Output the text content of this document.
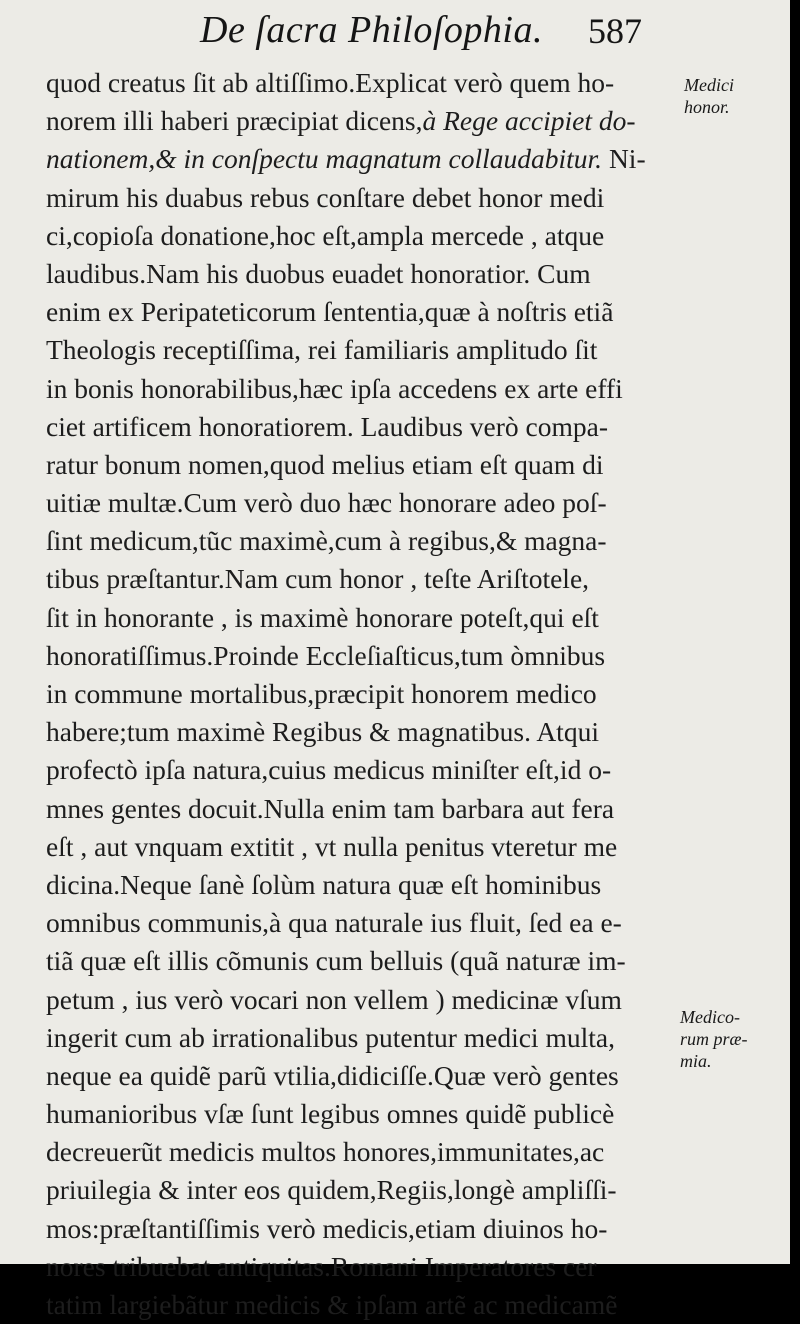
De ſacra Philoſophia. 587
quod creatus ſit ab altiſſimo.Explicat verò quem ho-
norem illi haberi præcipiat dicens,à Rege accipiet do-
nationem,& in conſpectu magnatum collaudabitur. Ni-
mirum his duabus rebus conſtare debet honor medi
ci,copioſa donatione,hoc eſt,ampla mercede , atque
laudibus.Nam his duobus euadet honoratior. Cum
enim ex Peripateticorum ſententia,quæ à noſtris etiã
Theologis receptiſſima, rei familiaris amplitudo ſit
in bonis honorabilibus,hæc ipſa accedens ex arte effi
ciet artificem honoratiorem. Laudibus verò compa-
ratur bonum nomen,quod melius etiam eſt quam di
uitiæ multæ.Cum verò duo hæc honorare adeo poſ-
ſint medicum,tũc maximè,cum à regibus,& magna-
tibus præſtantur.Nam cum honor , teſte Ariſtotele,
ſit in honorante , is maximè honorare poteſt,qui eſt
honoratiſſimus.Proinde Eccleſiaſticus,tum òmnibus
in commune mortalibus,præcipit honorem medico
habere;tum maximè Regibus & magnatibus. Atqui
profectò ipſa natura,cuius medicus miniſter eſt,id o-
mnes gentes docuit.Nulla enim tam barbara aut fera
eſt , aut vnquam extitit , vt nulla penitus vteretur me
dicina.Neque ſanè ſolùm natura quæ eſt hominibus
omnibus communis,à qua naturale ius fluit, ſed ea e-
tiã quæ eſt illis cõmunis cum belluis (quã naturæ im-
petum , ius verò vocari non vellem ) medicinæ vſum
ingerit cum ab irrationalibus putentur medici multa,
neque ea quidẽ parũ vtilia,didiciſſe.Quæ verò gentes
humanioribus vſæ ſunt legibus omnes quidẽ publicè
decreuerũt medicis multos honores,immunitates,ac
priuilegia & inter eos quidem,Regiis,longè ampliſſi-
mos:præſtantiſſimis verò medicis,etiam diuinos ho-
nores tribuebat antiquitas.Romani Imperatores cer
tatim largiebãtur medicis & ipſam artẽ ac medicamẽ
Medici
honor.
Medico-
rum præ-
mia.
